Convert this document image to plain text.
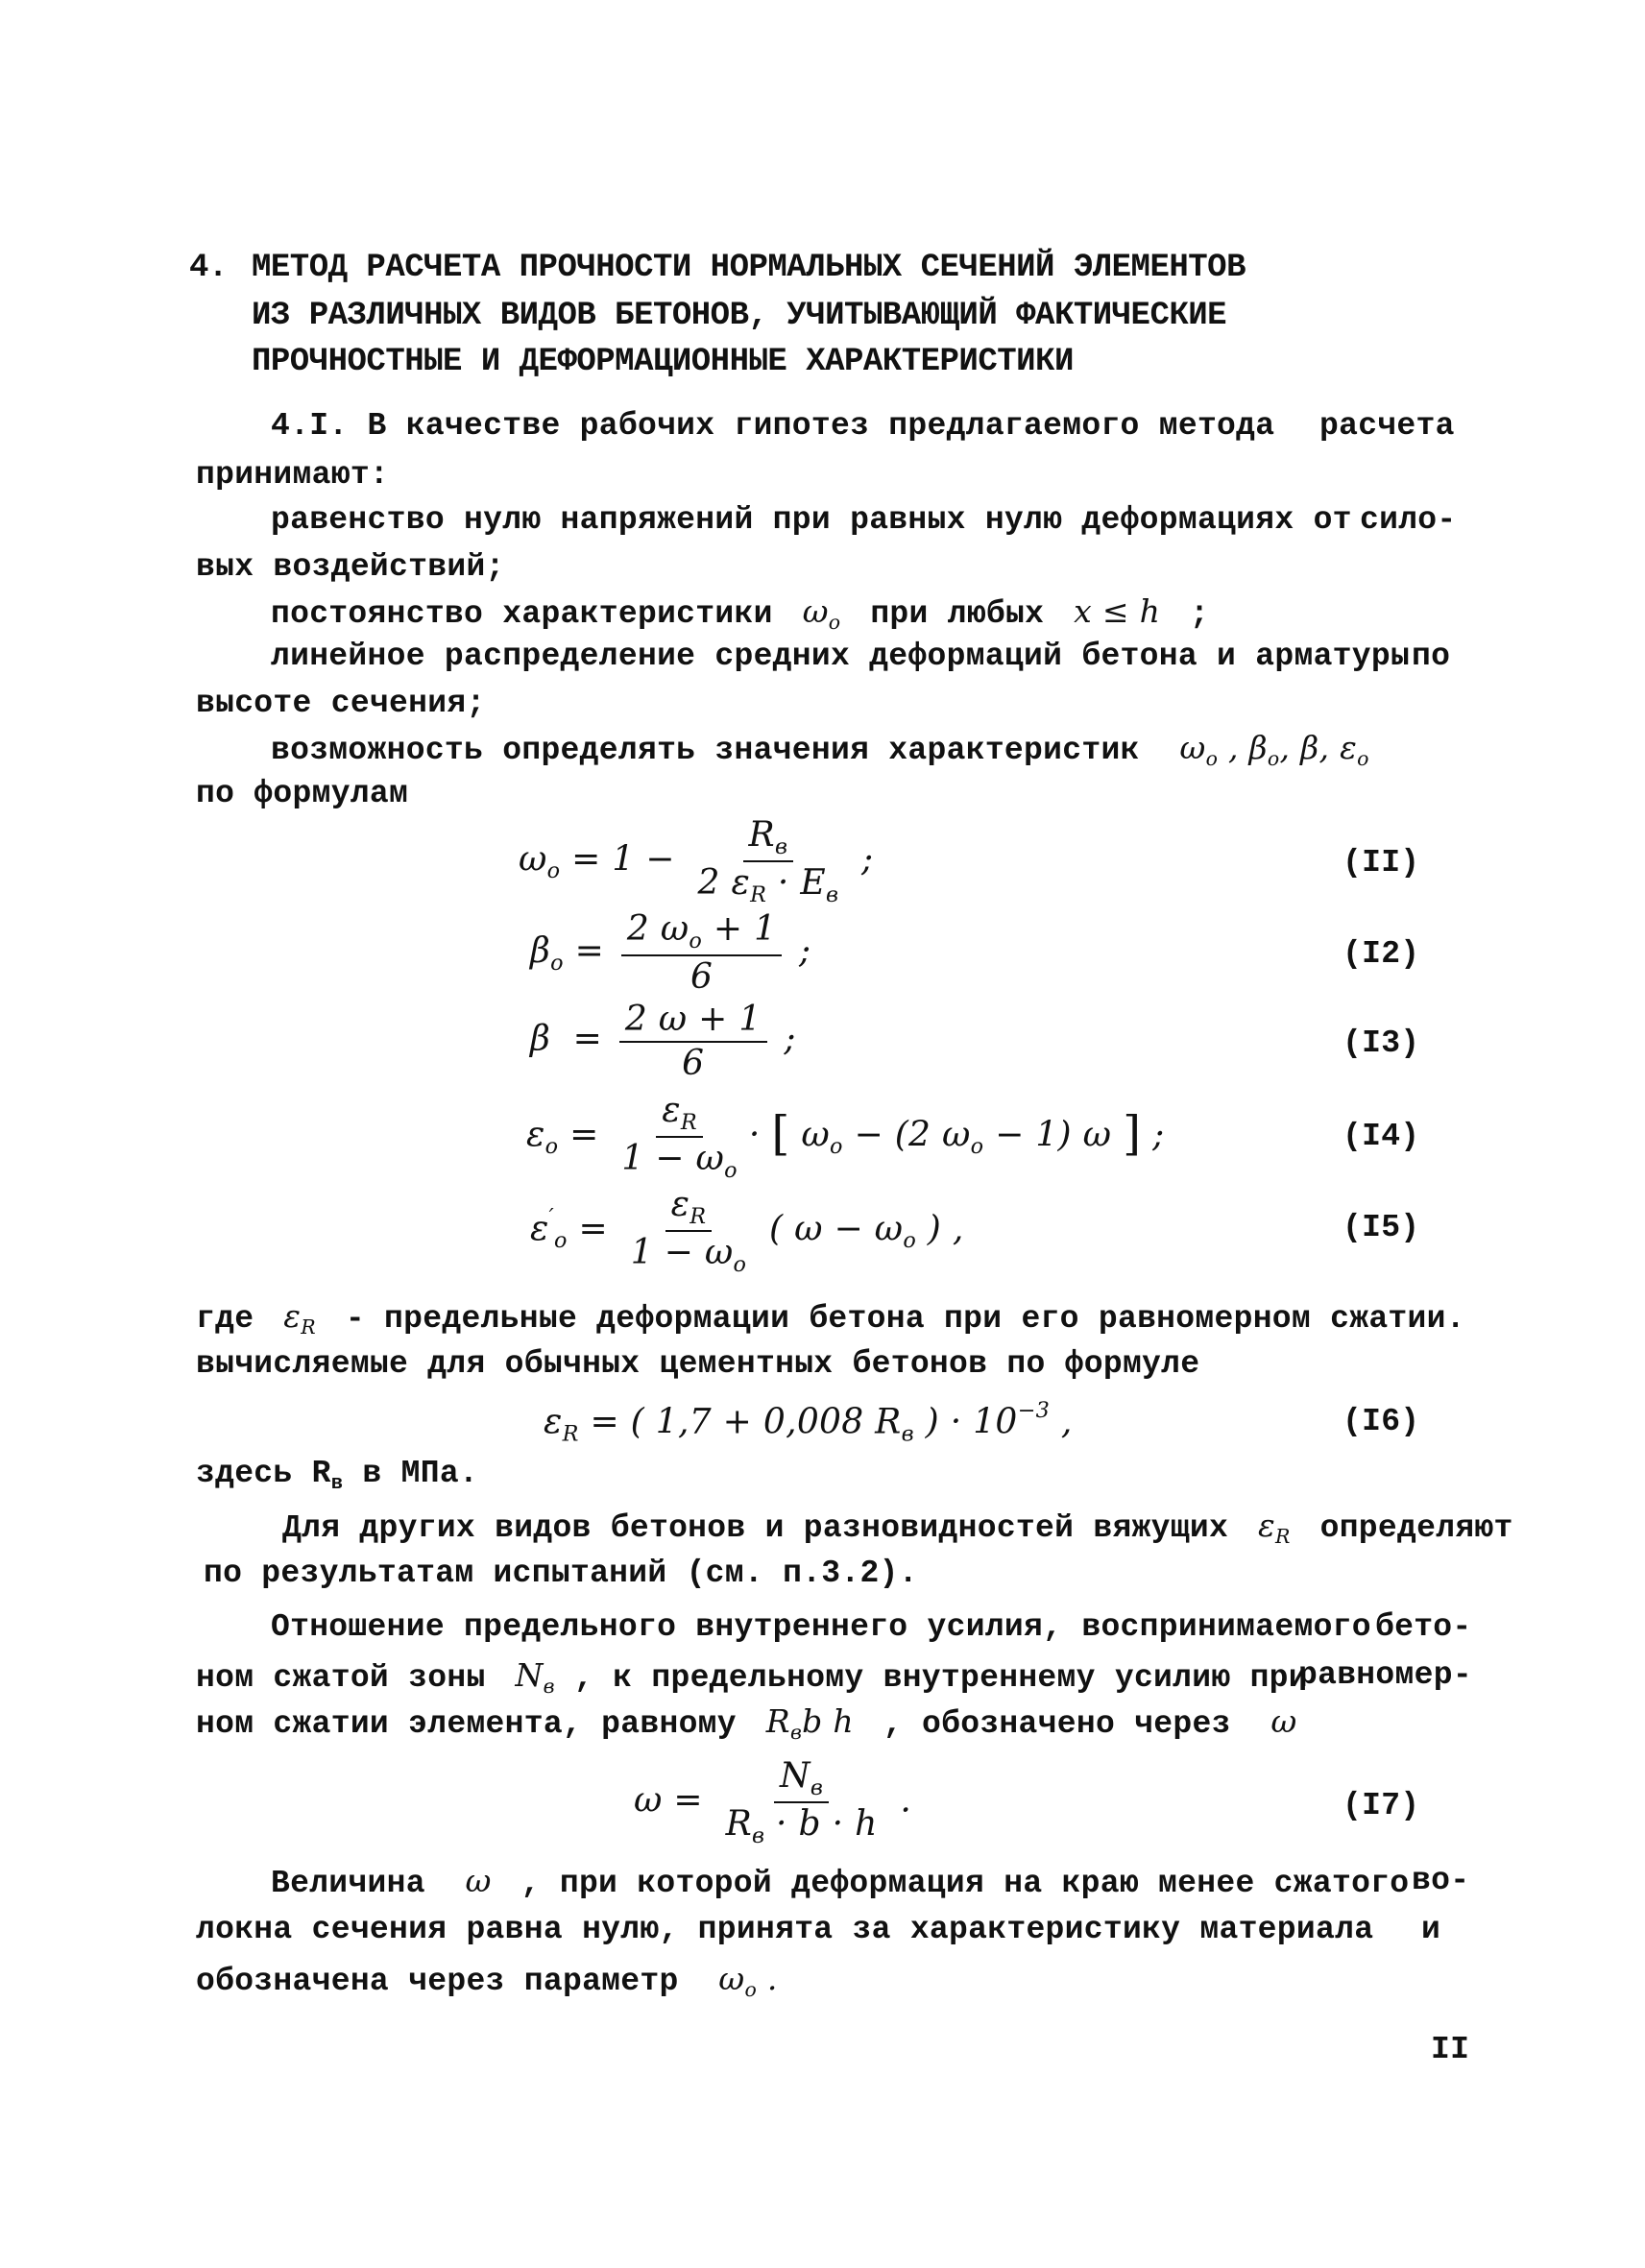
4. МЕТОД РАСЧЕТА ПРОЧНОСТИ НОРМАЛЬНЫХ СЕЧЕНИЙ ЭЛЕМЕНТОВ
ИЗ РАЗЛИЧНЫХ ВИДОВ БЕТОНОВ, УЧИТЫВАЮЩИЙ ФАКТИЧЕСКИЕ
ПРОЧНОСТНЫЕ И ДЕФОРМАЦИОННЫЕ ХАРАКТЕРИСТИКИ
4.I. В качестве рабочих гипотез предлагаемого метода расчета
принимают:
равенство нулю напряжений при равных нулю деформациях от сило-
вых воздействий;
постоянство характеристики  $\omega_o$ при любых  x ≤ h  ;
линейное распределение средних деформаций бетона и арматуры по
высоте сечения;
возможность определять значения характеристик   $\omega_o$ , $\beta_o$, β, $\varepsilon_o$
по формулам
$\omega_o = 1 - \frac{R_в}{2 \varepsilon_R \cdot E_в}$ ;	(II)
$\beta_o = \frac{2 \omega_o + 1}{6}$ ;	(I2)
$\beta = \frac{2 \omega + 1}{6}$ ;	(I3)
$\varepsilon_o = \frac{\varepsilon_R}{1 - \omega_o}$ · [ $\omega_o - (2$ $\omega_o - 1$) ω ] ;	(I4)
$\varepsilon'_o = \frac{\varepsilon_R}{1 - \omega_o}$ ( $\omega - \omega_o$ ) ,	(I5)
где  $\varepsilon_R$ - предельные деформации бетона при его равномерном сжатии.
вычисляемые для обычных цементных бетонов по формуле
$\varepsilon_R$ = ( 1,7 + 0,008 $R_в$ ) · $10^{-3}$ ,	(I6)
здесь $R_в$ в МПа.
Для других видов бетонов и разновидностей вяжущих  $\varepsilon_R$ определяют
по результатам испытаний (см. п.3.2).
Отношение предельного внутреннего усилия, воспринимаемого бето-
ном сжатой зоны  $N_в$ , к предельному внутреннему усилию при
равномер-
ном сжатии элемента, равному  $R_вb$ h  , обозначено через   ω
$\omega = \frac{N_в}{R_в \cdot b \cdot h}$ .	(I7)
Величина   ω  , при которой деформация на краю менее сжатого во-
локна сечения равна нулю, принята за характеристику материала и
обозначена через параметр   $\omega_o$ .
II
